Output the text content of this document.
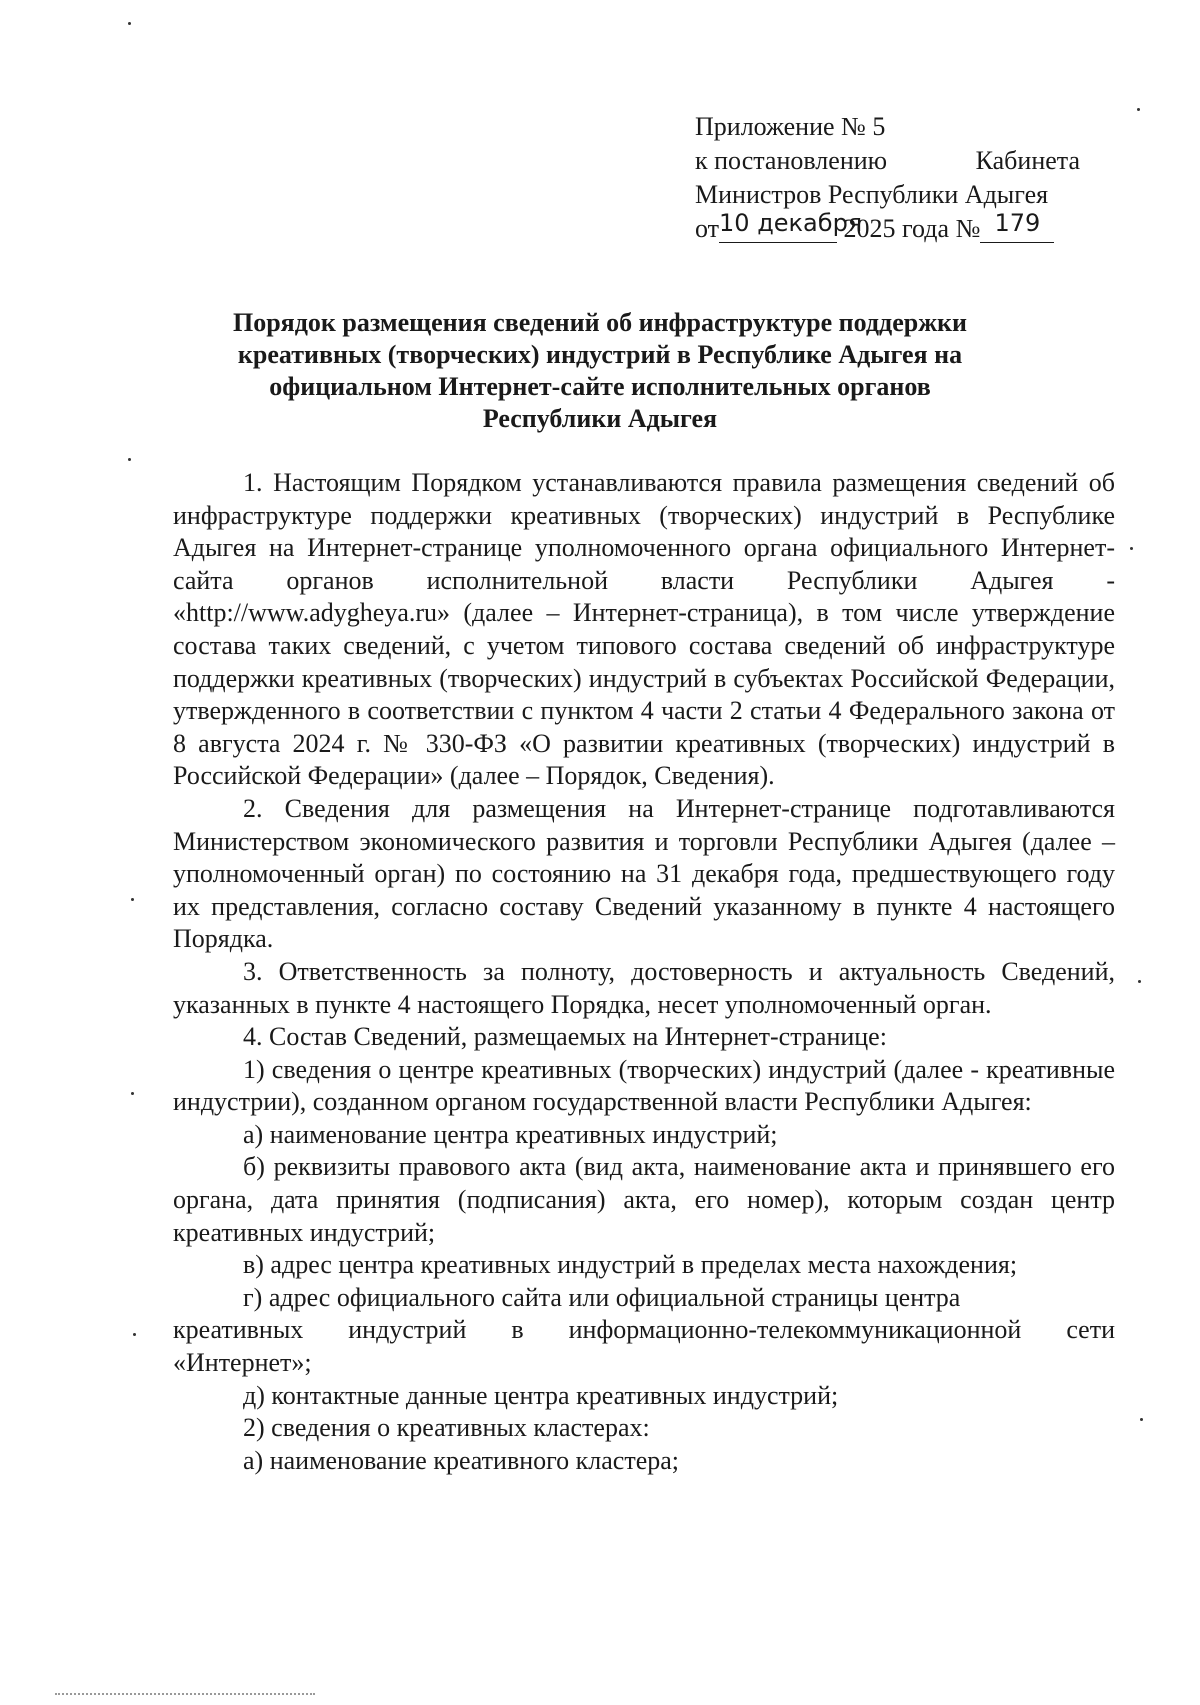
Приложение № 5
к постановлению	Кабинета
Министров Республики Адыгея
от10 декабря 2025 года № 179
Порядок размещения сведений об инфраструктуре поддержки
креативных (творческих) индустрий в Республике Адыгея на
официальном Интернет-сайте исполнительных органов
Республики Адыгея

1. Настоящим Порядком устанавливаются правила размещения сведений об инфраструктуре поддержки креативных (творческих) индустрий в Республике Адыгея на Интернет-странице уполномоченного органа официального Интернет-сайта органов исполнительной власти Республики Адыгея - «http://www.adygheya.ru» (далее – Интернет-страница), в том числе утверждение состава таких сведений, с учетом типового состава сведений об инфраструктуре поддержки креативных (творческих) индустрий в субъектах Российской Федерации, утвержденного в соответствии с пунктом 4 части 2 статьи 4 Федерального закона от 8 августа 2024 г. № 330-ФЗ «О развитии креативных (творческих) индустрий в Российской Федерации» (далее – Порядок, Сведения).

2. Сведения для размещения на Интернет-странице подготавливаются Министерством экономического развития и торговли Республики Адыгея (далее – уполномоченный орган) по состоянию на 31 декабря года, предшествующего году их представления, согласно составу Сведений указанному в пункте 4 настоящего Порядка.

3. Ответственность за полноту, достоверность и актуальность Сведений, указанных в пункте 4 настоящего Порядка, несет уполномоченный орган.

4. Состав Сведений, размещаемых на Интернет-странице:

1) сведения о центре креативных (творческих) индустрий (далее - креативные индустрии), созданном органом государственной власти Республики Адыгея:

а) наименование центра креативных индустрий;

б) реквизиты правового акта (вид акта, наименование акта и принявшего его органа, дата принятия (подписания) акта, его номер), которым создан центр креативных индустрий;

в) адрес центра креативных индустрий в пределах места нахождения;

г) адрес официального сайта или официальной страницы центра

креативных индустрий в информационно-телекоммуникационной сети

«Интернет»;

д) контактные данные центра креативных индустрий;

2) сведения о креативных кластерах:

а) наименование креативного кластера;
